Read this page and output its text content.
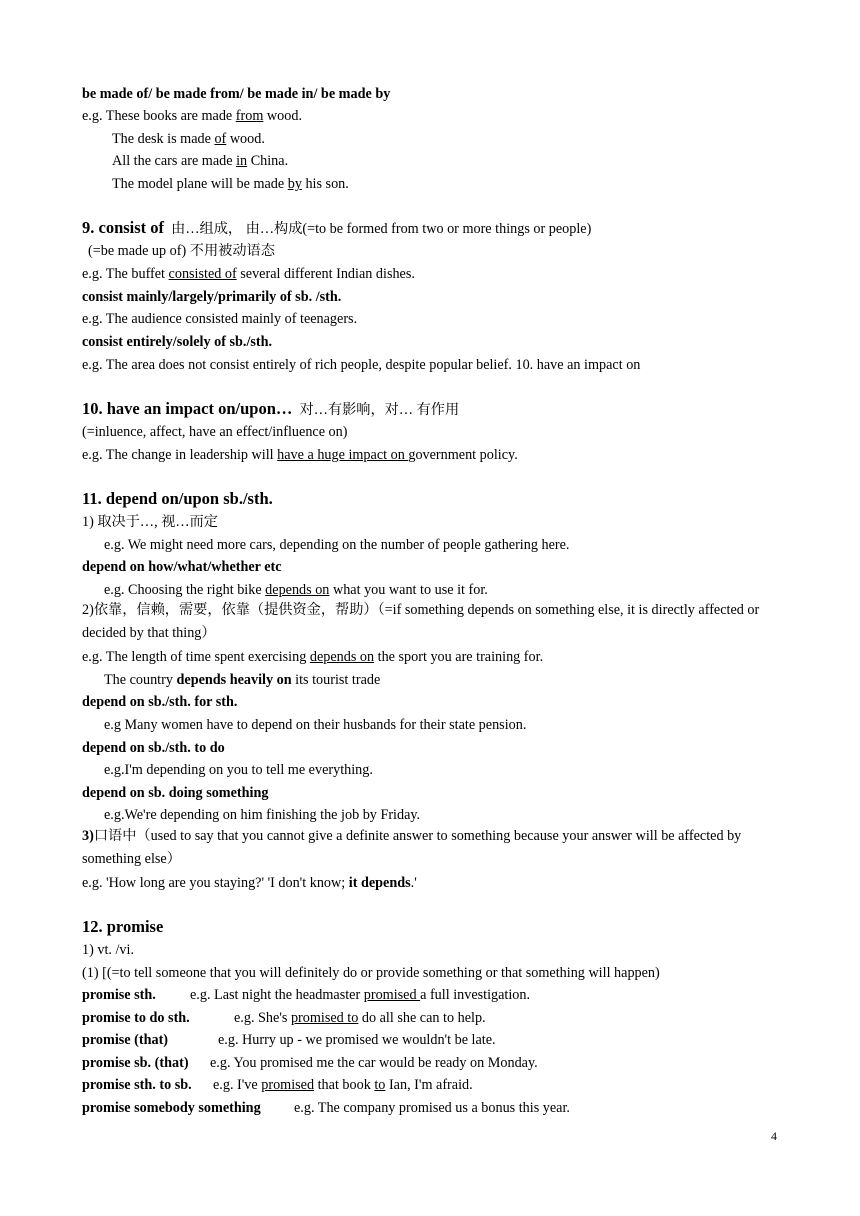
be made of/ be made from/ be made in/ be made by
e.g. These books are made from wood.
The desk is made of wood.
All the cars are made in China.
The model plane will be made by his son.
9. consist of 由…组成， 由…构成(=to be formed from two or more things or people)
(=be made up of) 不用被动语态
e.g. The buffet consisted of several different Indian dishes.
consist mainly/largely/primarily of sb. /sth.
e.g. The audience consisted mainly of teenagers.
consist entirely/solely of sb./sth.
e.g. The area does not consist entirely of rich people, despite popular belief. 10. have an impact on
10. have an impact on/upon… 对…有影响，对… 有作用
(=inluence, affect, have an effect/influence on)
e.g. The change in leadership will have a huge impact on government policy.
11. depend on/upon sb./sth.
1) 取决于…, 视…而定
e.g. We might need more cars, depending on the number of people gathering here.
depend on how/what/whether etc
e.g. Choosing the right bike depends on what you want to use it for.
2)依靠，信赖，需要，依靠（提供资金，帮助）（=if something depends on something else, it is directly affected or decided by that thing）
e.g. The length of time spent exercising depends on the sport you are training for.
The country depends heavily on its tourist trade
depend on sb./sth. for sth.
e.g Many women have to depend on their husbands for their state pension.
depend on sb./sth. to do
e.g.I'm depending on you to tell me everything.
depend on sb. doing something
e.g.We're depending on him finishing the job by Friday.
3)口语中（used to say that you cannot give a definite answer to something because your answer will be affected by something else）
e.g. 'How long are you staying?' 'I don't know; it depends.'
12. promise
1) vt. /vi.
(1) [(=to tell someone that you will definitely do or provide something or that something will happen)
promise sth. e.g. Last night the headmaster promised a full investigation.
promise to do sth.	e.g. She's promised to do all she can to help.
promise (that)	e.g. Hurry up - we promised we wouldn't be late.
promise sb. (that) e.g. You promised me the car would be ready on Monday.
promise sth. to sb. e.g. I've promised that book to Ian, I'm afraid.
promise somebody something e.g. The company promised us a bonus this year.
4
